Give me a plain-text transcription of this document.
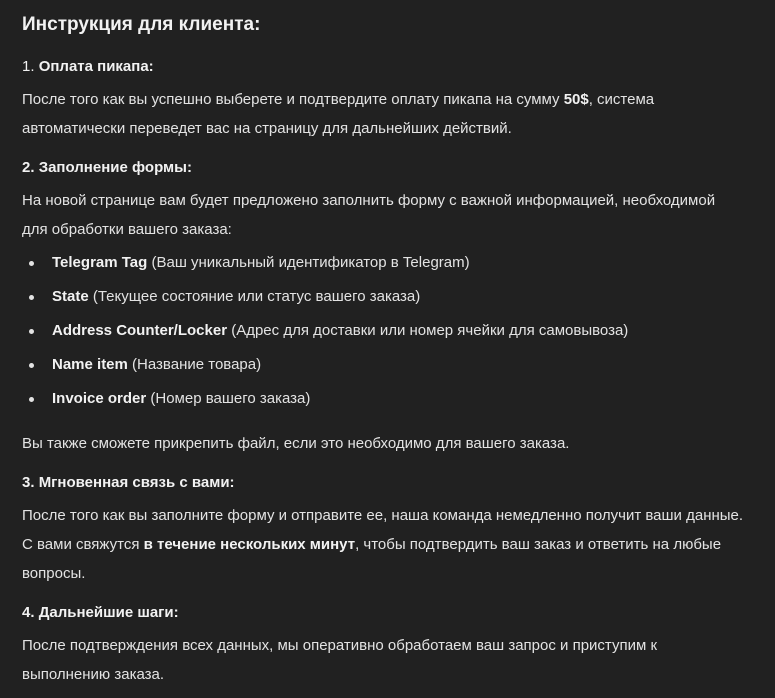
Инструкция для клиента:
1. Оплата пикапа:

После того как вы успешно выберете и подтвердите оплату пикапа на сумму 50$, система автоматически переведет вас на страницу для дальнейших действий.

2. Заполнение формы:

На новой странице вам будет предложено заполнить форму с важной информацией, необходимой для обработки вашего заказа:

Telegram Tag (Ваш уникальный идентификатор в Telegram)
State (Текущее состояние или статус вашего заказа)
Address Counter/Locker (Адрес для доставки или номер ячейки для самовывоза)
Name item (Название товара)
Invoice order (Номер вашего заказа)

Вы также сможете прикрепить файл, если это необходимо для вашего заказа.

3. Мгновенная связь с вами:

После того как вы заполните форму и отправите ее, наша команда немедленно получит ваши данные.
С вами свяжутся в течение нескольких минут, чтобы подтвердить ваш заказ и ответить на любые вопросы.

4. Дальнейшие шаги:

После подтверждения всех данных, мы оперативно обработаем ваш запрос и приступим к выполнению заказа.
